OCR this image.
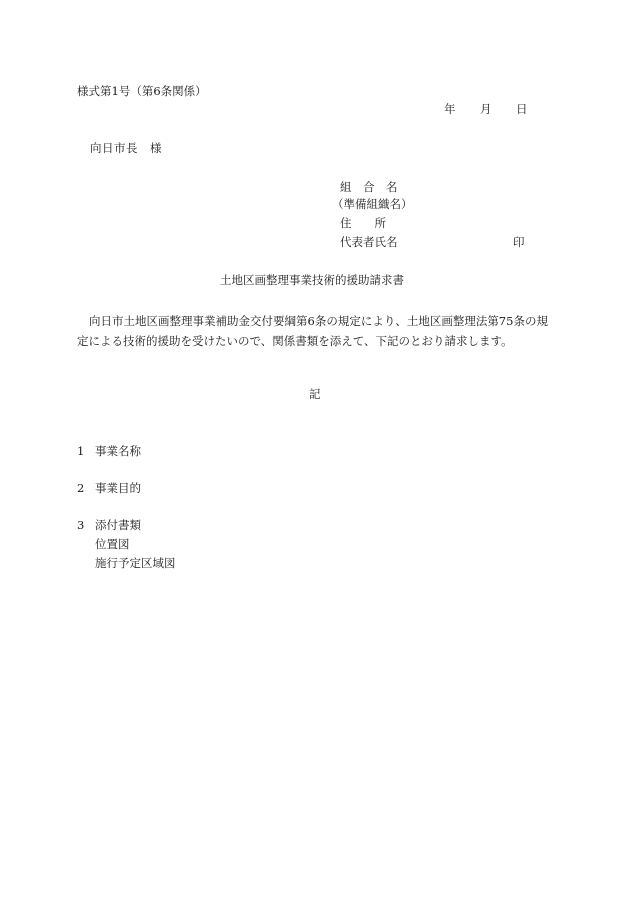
様式第1号（第6条関係）
年 月 日
向日市長　様
組　合　名
（準備組織名）
住　　所
代表者氏名	印
土地区画整理事業技術的援助請求書
向日市土地区画整理事業補助金交付要綱第6条の規定により、土地区画整理法第75条の規定による技術的援助を受けたいので、関係書類を添えて、下記のとおり請求します。
記
1 事業名称
2 事業目的
3 添付書類
位置図
施行予定区域図
